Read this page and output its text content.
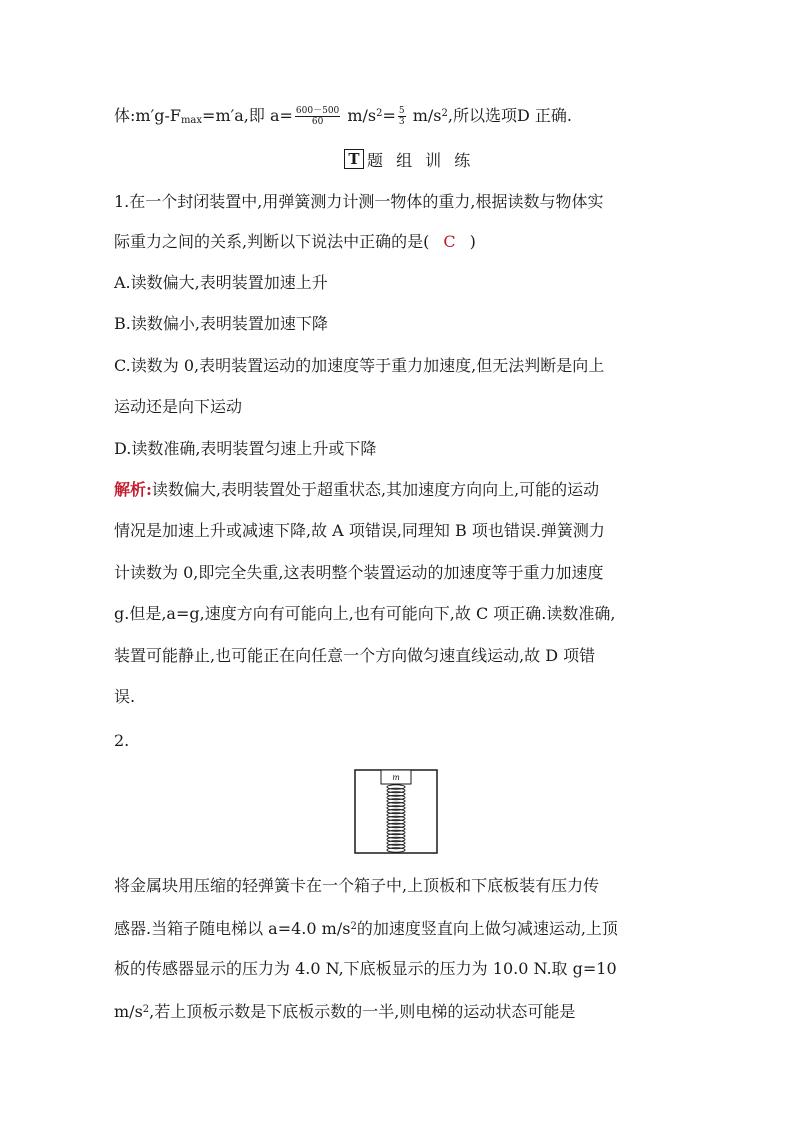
体$:m'g-F_{max}=m'a$,即 $a= \frac{600-500}{60} m/s^2= \frac{5}{3} m/s^2$,所以选项D 正确.
T 题 组 训 练
1.在一个封闭装置中,用弹簧测力计测一物体的重力,根据读数与物体实
际重力之间的关系,判断以下说法中正确的是( C )
A.读数偏大,表明装置加速上升
B.读数偏小,表明装置加速下降
C.读数为 0,表明装置运动的加速度等于重力加速度,但无法判断是向上
运动还是向下运动
D.读数准确,表明装置匀速上升或下降
解析:读数偏大,表明装置处于超重状态,其加速度方向向上,可能的运动
情况是加速上升或减速下降,故 A 项错误,同理知 B 项也错误.弹簧测力
计读数为 0,即完全失重,这表明整个装置运动的加速度等于重力加速度
g.但是,a=g,速度方向有可能向上,也有可能向下,故 C 项正确.读数准确,
装置可能静止,也可能正在向任意一个方向做匀速直线运动,故 D 项错
误.
2.
m
将金属块用压缩的轻弹簧卡在一个箱子中,上顶板和下底板装有压力传
感器.当箱子随电梯以 a=4.0 $m/s^2$的加速度竖直向上做匀减速运动,上顶
板的传感器显示的压力为 4.0 N,下底板显示的压力为 10.0 N.取 g=10
$m/s^2$,若上顶板示数是下底板示数的一半,则电梯的运动状态可能是
